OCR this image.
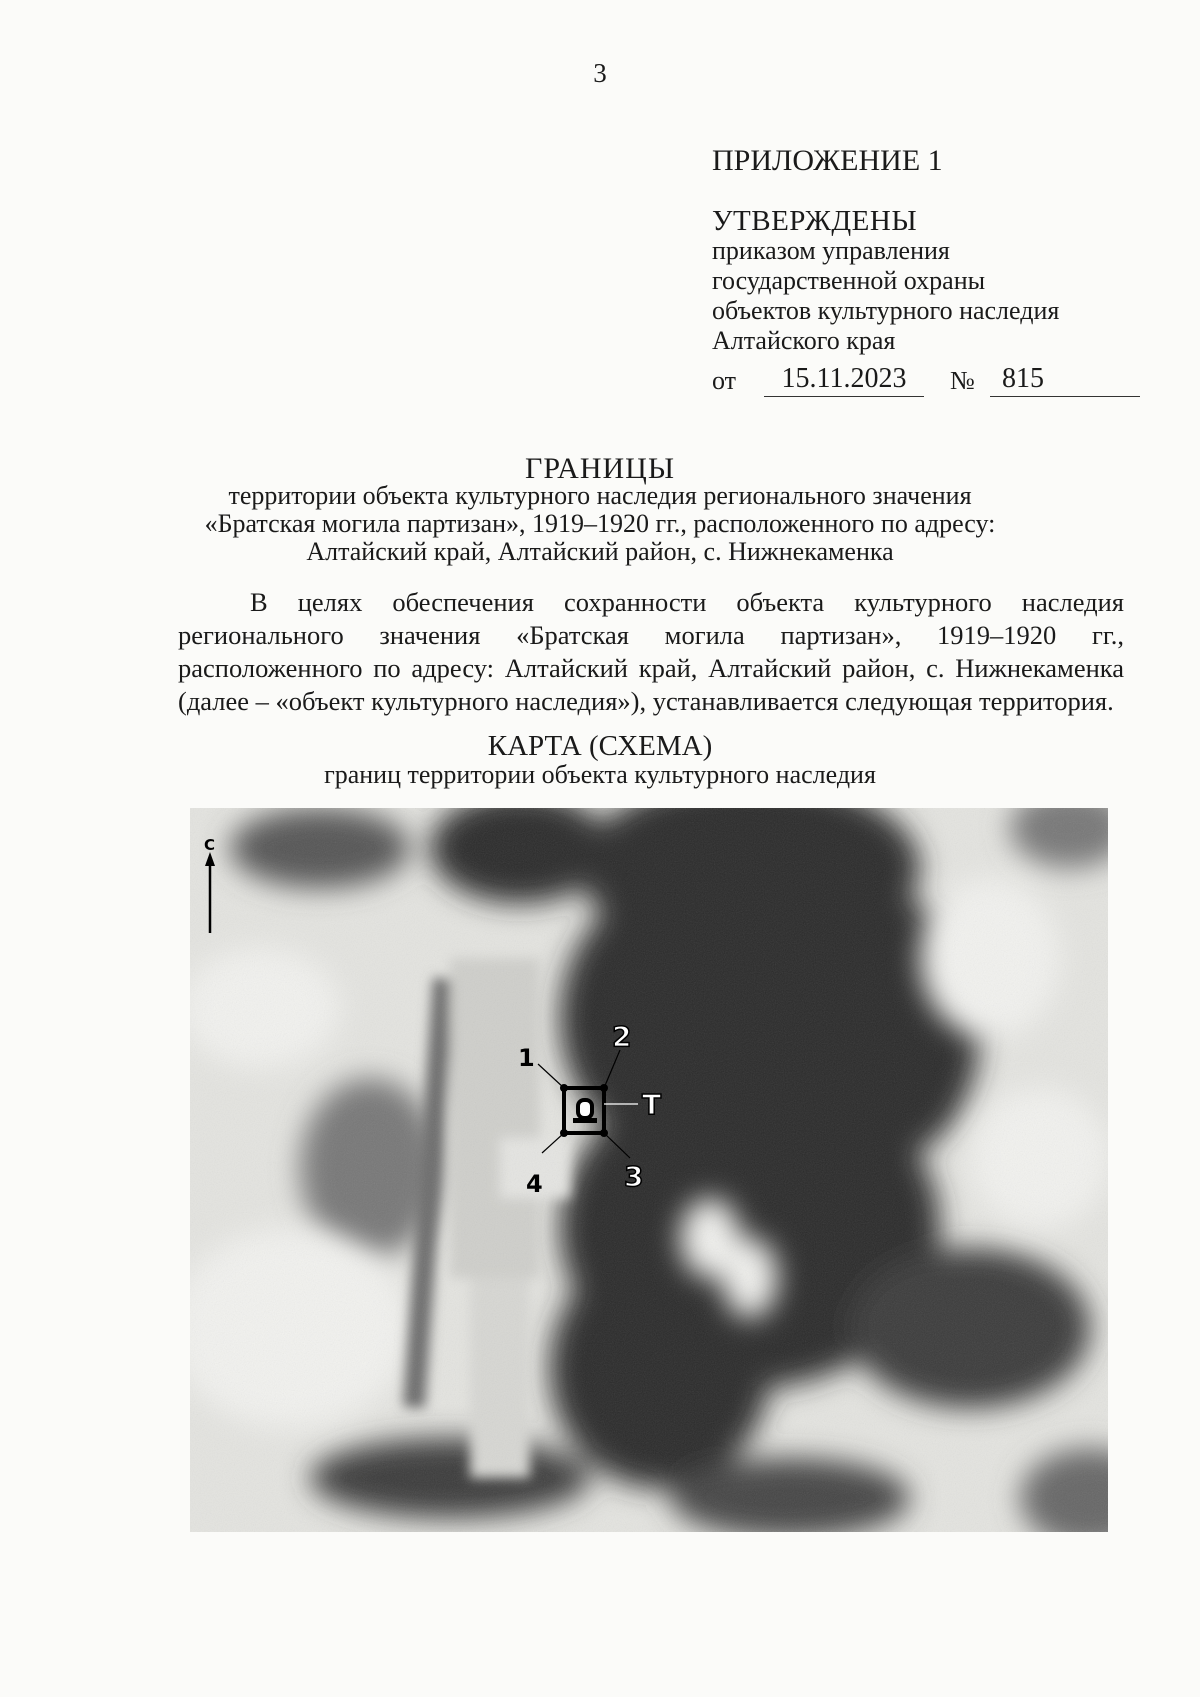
3
ПРИЛОЖЕНИЕ 1
УТВЕРЖДЕНЫ
приказом управления
государственной охраны
объектов культурного наследия
Алтайского края
от	15.11.2023	№ 815
ГРАНИЦЫ
территории объекта культурного наследия регионального значения
«Братская могила партизан», 1919–1920 гг., расположенного по адресу:
Алтайский край, Алтайский район, с. Нижнекаменка
В целях обеспечения сохранности объекта культурного наследия регионального значения «Братская могила партизан», 1919–1920 гг., расположенного по адресу: Алтайский край, Алтайский район, с. Нижнекаменка (далее – «объект культурного наследия»), устанавливается следующая территория.
КАРТА (СХЕМА)
границ территории объекта культурного наследия
С
1
2
3
4
Т
